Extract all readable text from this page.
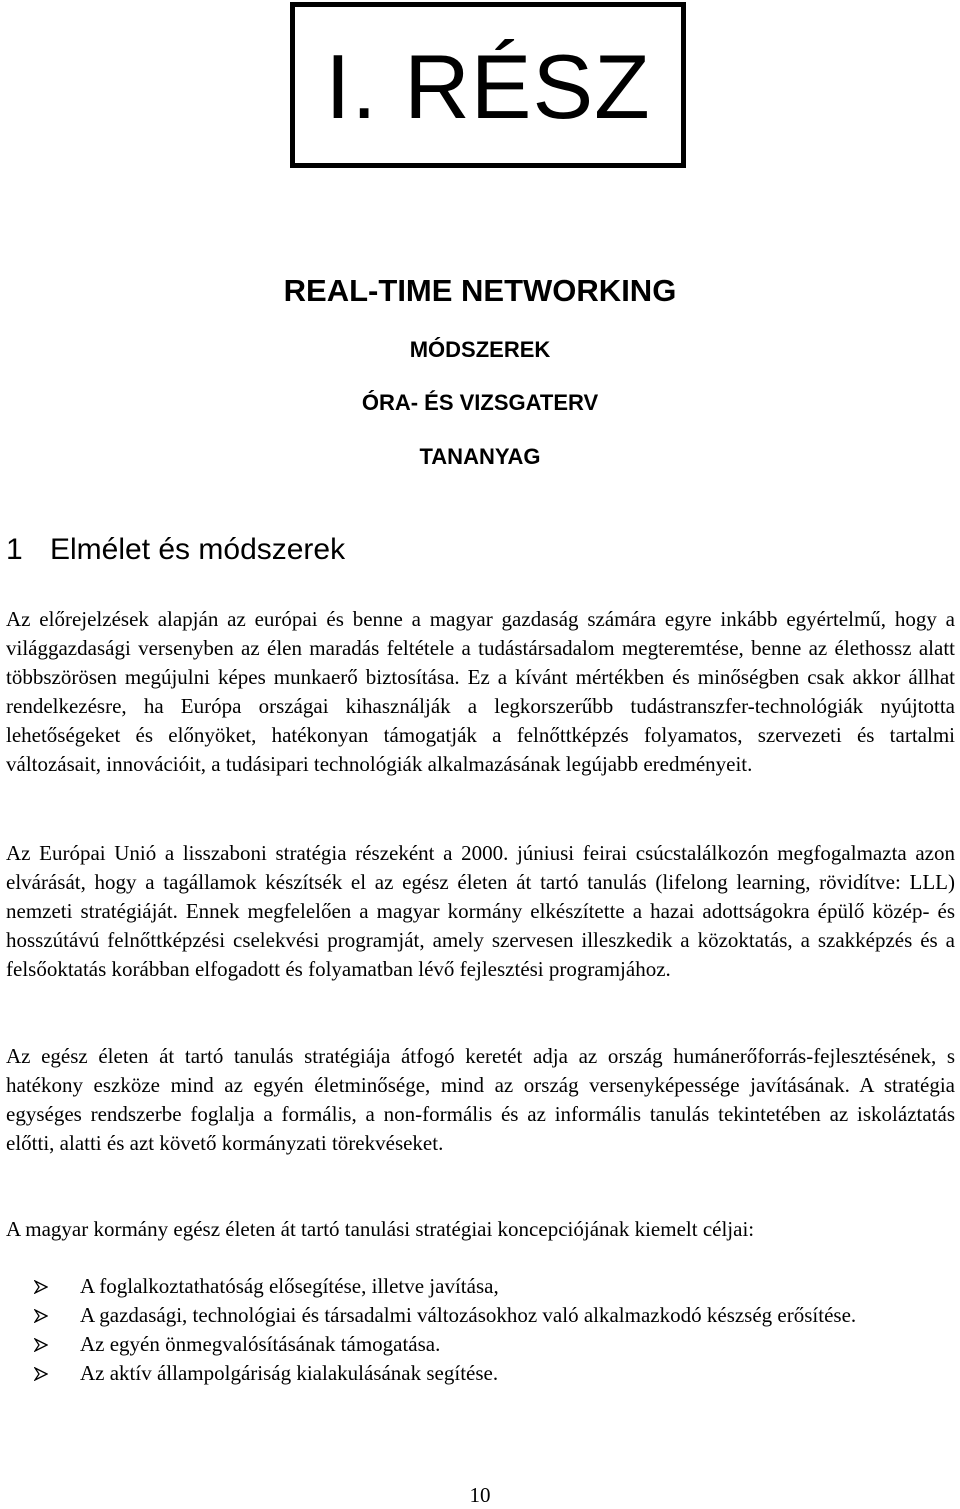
I. RÉSZ
REAL-TIME NETWORKING
MÓDSZEREK
ÓRA- ÉS VIZSGATERV
TANANYAG
1 Elmélet és módszerek

Az előrejelzések alapján az európai és benne a magyar gazdaság számára egyre inkább egyértelmű, hogy a világgazdasági versenyben az élen maradás feltétele a tudástársadalom megteremtése, benne az élethossz alatt többszörösen megújulni képes munkaerő biztosítása. Ez a kívánt mértékben és minőségben csak akkor állhat rendelkezésre, ha Európa országai kihasználják a legkorszerűbb tudástranszfer-technológiák nyújtotta lehetőségeket és előnyöket, hatékonyan támogatják a felnőttképzés folyamatos, szervezeti és tartalmi változásait, innovációit, a tudásipari technológiák alkalmazásának legújabb eredményeit.

Az Európai Unió a lisszaboni stratégia részeként a 2000. júniusi feirai csúcstalálkozón megfogalmazta azon elvárását, hogy a tagállamok készítsék el az egész életen át tartó tanulás (lifelong learning, rövidítve: LLL) nemzeti stratégiáját. Ennek megfelelően a magyar kormány elkészítette a hazai adottságokra épülő közép- és hosszútávú felnőttképzési cselekvési programját, amely szervesen illeszkedik a közoktatás, a szakképzés és a felsőoktatás korábban elfogadott és folyamatban lévő fejlesztési programjához.

Az egész életen át tartó tanulás stratégiája átfogó keretét adja az ország humánerőforrás-fejlesztésének, s hatékony eszköze mind az egyén életminősége, mind az ország versenyképessége javításának. A stratégia egységes rendszerbe foglalja a formális, a non-formális és az informális tanulás tekintetében az iskoláztatás előtti, alatti és azt követő kormányzati törekvéseket.

A magyar kormány egész életen át tartó tanulási stratégiai koncepciójának kiemelt céljai:

A foglalkoztathatóság elősegítése, illetve javítása,
A gazdasági, technológiai és társadalmi változásokhoz való alkalmazkodó készség erősítése.
Az egyén önmegvalósításának támogatása.
Az aktív állampolgáriság kialakulásának segítése.
10
